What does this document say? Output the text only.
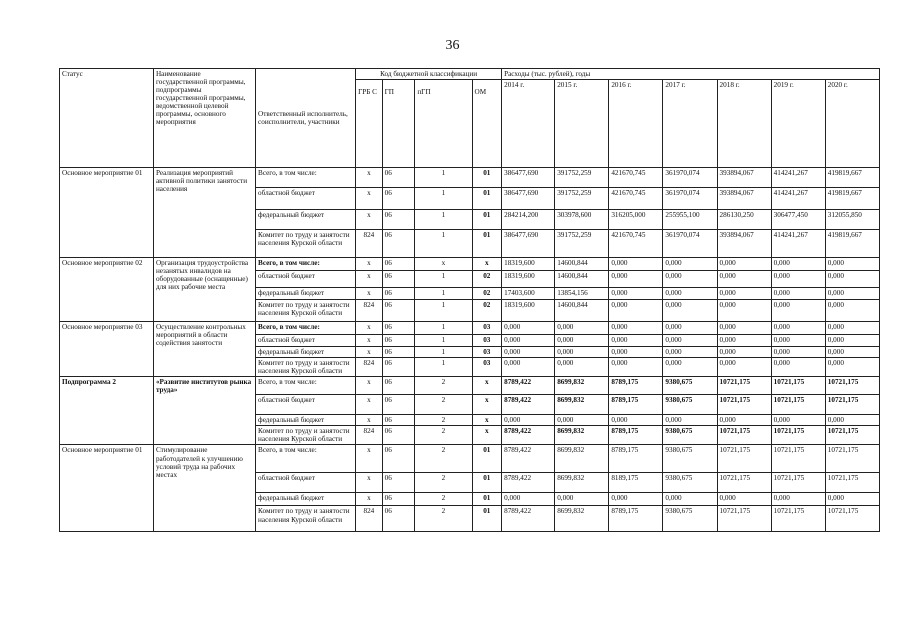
36
Статус	Наименование государственной программы, подпрограммы государственной программы, ведомственной целевой программы, основного мероприятия	Ответственный исполнитель, соисполнители, участники	Код бюджетной классификации				Расходы (тыс. рублей), годы						
			ГРБ С	ГП	пГП	ОМ	2014 г.	2015 г.	2016 г.	2017 г.	2018 г.	2019 г.	2020 г.
Основное мероприятие 01	Реализация мероприятий активной политики занятости населения	Всего, в том числе:	х	06	1	01	386477,690	391752,259	421670,745	361970,074	393894,067	414241,267	419819,667
		областной бюджет	х	06	1	01	386477,690	391752,259	421670,745	361970,074	393894,067	414241,267	419819,667
		федеральный бюджет	х	06	1	01	284214,200	303978,600	316205,000	255955,100	286130,250	306477,450	312055,850
		Комитет по труду и занятости населения Курской области	824	06	1	01	386477,690	391752,259	421670,745	361970,074	393894,067	414241,267	419819,667
Основное мероприятие 02	Организация трудоустройства незанятых инвалидов на оборудованные (оснащенные) для них рабочие места	Всего, в том числе:	х	06	х	х	18319,600	14600,844	0,000	0,000	0,000	0,000	0,000
		областной бюджет	х	06	1	02	18319,600	14600,844	0,000	0,000	0,000	0,000	0,000
		федеральный бюджет	х	06	1	02	17403,600	13854,156	0,000	0,000	0,000	0,000	0,000
		Комитет по труду и занятости населения Курской области	824	06	1	02	18319,600	14600,844	0,000	0,000	0,000	0,000	0,000
Основное мероприятие 03	Осуществление контрольных мероприятий в области содействия занятости	Всего, в том числе:	х	06	1	03	0,000	0,000	0,000	0,000	0,000	0,000	0,000
		областной бюджет	х	06	1	03	0,000	0,000	0,000	0,000	0,000	0,000	0,000
		федеральный бюджет	х	06	1	03	0,000	0,000	0,000	0,000	0,000	0,000	0,000
		Комитет по труду и занятости населения Курской области	824	06	1	03	0,000	0,000	0,000	0,000	0,000	0,000	0,000
Подпрограмма 2	«Развитие институтов рынка труда»	Всего, в том числе:	х	06	2	х	8789,422	8699,832	8789,175	9380,675	10721,175	10721,175	10721,175
		областной бюджет	х	06	2	х	8789,422	8699,832	8789,175	9380,675	10721,175	10721,175	10721,175
		федеральный бюджет	х	06	2	х	0,000	0,000	0,000	0,000	0,000	0,000	0,000
		Комитет по труду и занятости населения Курской области	824	06	2	х	8789,422	8699,832	8789,175	9380,675	10721,175	10721,175	10721,175
Основное мероприятие 01	Стимулирование работодателей к улучшению условий труда на рабочих местах	Всего, в том числе:	х	06	2	01	8789,422	8699,832	8789,175	9380,675	10721,175	10721,175	10721,175
		областной бюджет	х	06	2	01	8789,422	8699,832	8189,175	9380,675	10721,175	10721,175	10721,175
		федеральный бюджет	х	06	2	01	0,000	0,000	0,000	0,000	0,000	0,000	0,000
		Комитет по труду и занятости населения Курской области	824	06	2	01	8789,422	8699,832	8789,175	9380,675	10721,175	10721,175	10721,175
